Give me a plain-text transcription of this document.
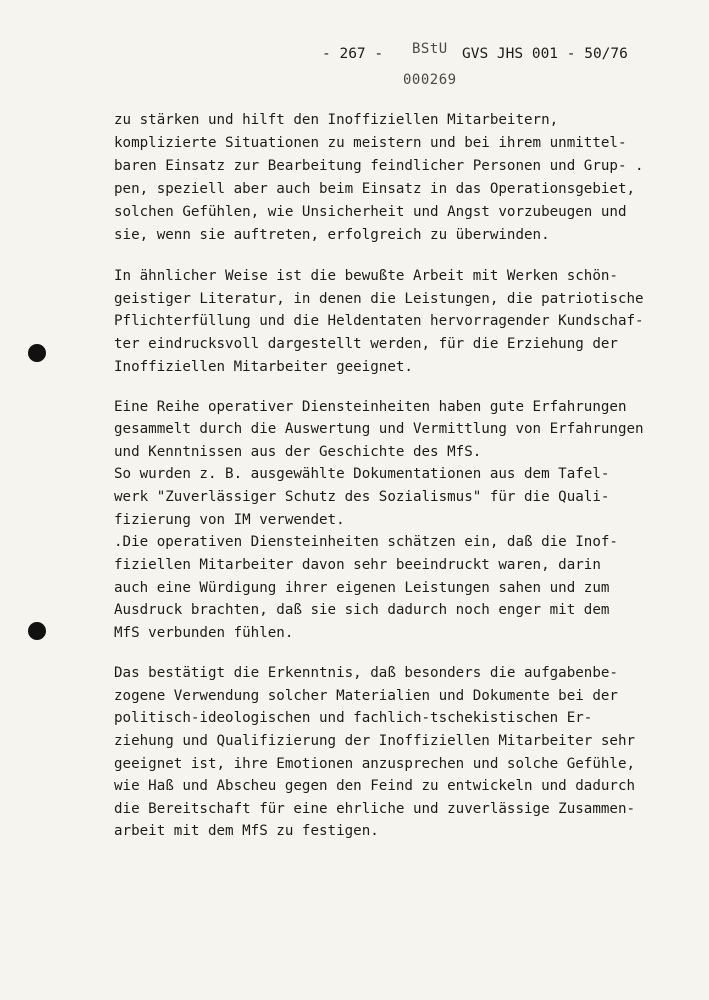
- 267 - BStU GVS JHS 001 - 50/76
000269
zu stärken und hilft den Inoffiziellen Mitarbeitern,
komplizierte Situationen zu meistern und bei ihrem unmittel-
baren Einsatz zur Bearbeitung feindlicher Personen und Grup- .
pen, speziell aber auch beim Einsatz in das Operationsgebiet,
solchen Gefühlen, wie Unsicherheit und Angst vorzubeugen und
sie, wenn sie auftreten, erfolgreich zu überwinden.
In ähnlicher Weise ist die bewußte Arbeit mit Werken schön-
geistiger Literatur, in denen die Leistungen, die patriotische
Pflichterfüllung und die Heldentaten hervorragender Kundschaf-
ter eindrucksvoll dargestellt werden, für die Erziehung der
Inoffiziellen Mitarbeiter geeignet.
Eine Reihe operativer Diensteinheiten haben gute Erfahrungen
gesammelt durch die Auswertung und Vermittlung von Erfahrungen
und Kenntnissen aus der Geschichte des MfS.
So wurden z. B. ausgewählte Dokumentationen aus dem Tafel-
werk "Zuverlässiger Schutz des Sozialismus" für die Quali-
fizierung von IM verwendet.
.Die operativen Diensteinheiten schätzen ein, daß die Inof-
fiziellen Mitarbeiter davon sehr beeindruckt waren, darin
auch eine Würdigung ihrer eigenen Leistungen sahen und zum
Ausdruck brachten, daß sie sich dadurch noch enger mit dem
MfS verbunden fühlen.
Das bestätigt die Erkenntnis, daß besonders die aufgabenbe-
zogene Verwendung solcher Materialien und Dokumente bei der
politisch-ideologischen und fachlich-tschekistischen Er-
ziehung und Qualifizierung der Inoffiziellen Mitarbeiter sehr
geeignet ist, ihre Emotionen anzusprechen und solche Gefühle,
wie Haß und Abscheu gegen den Feind zu entwickeln und dadurch
die Bereitschaft für eine ehrliche und zuverlässige Zusammen-
arbeit mit dem MfS zu festigen.
